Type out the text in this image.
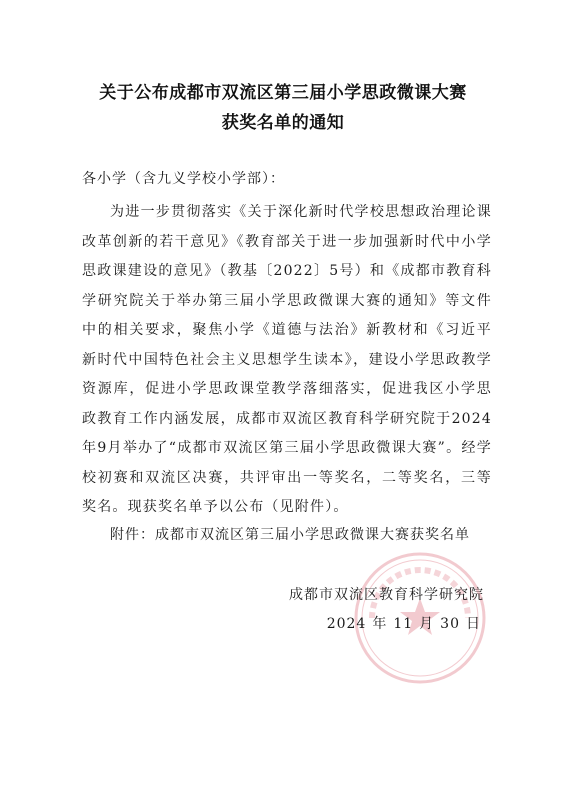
关于公布成都市双流区第三届小学思政微课大赛
获奖名单的通知
各小学（含九义学校小学部）：

为进一步贯彻落实《关于深化新时代学校思想政治理论课改革创新的若干意见》《教育部关于进一步加强新时代中小学思政课建设的意见》（教基〔2022〕5号）和《成都市教育科学研究院关于举办第三届小学思政微课大赛的通知》等文件中的相关要求，聚焦小学《道德与法治》新教材和《习近平新时代中国特色社会主义思想学生读本》，建设小学思政教学资源库，促进小学思政课堂教学落细落实，促进我区小学思政教育工作内涵发展，成都市双流区教育科学研究院于2024年9月举办了“成都市双流区第三届小学思政微课大赛”。经学校初赛和双流区决赛，共评审出一等奖名，二等奖名，三等奖名。现获奖名单予以公布（见附件）。

附件：成都市双流区第三届小学思政微课大赛获奖名单
成都市双流区教育科学研究院
2024 年 11 月 30 日
